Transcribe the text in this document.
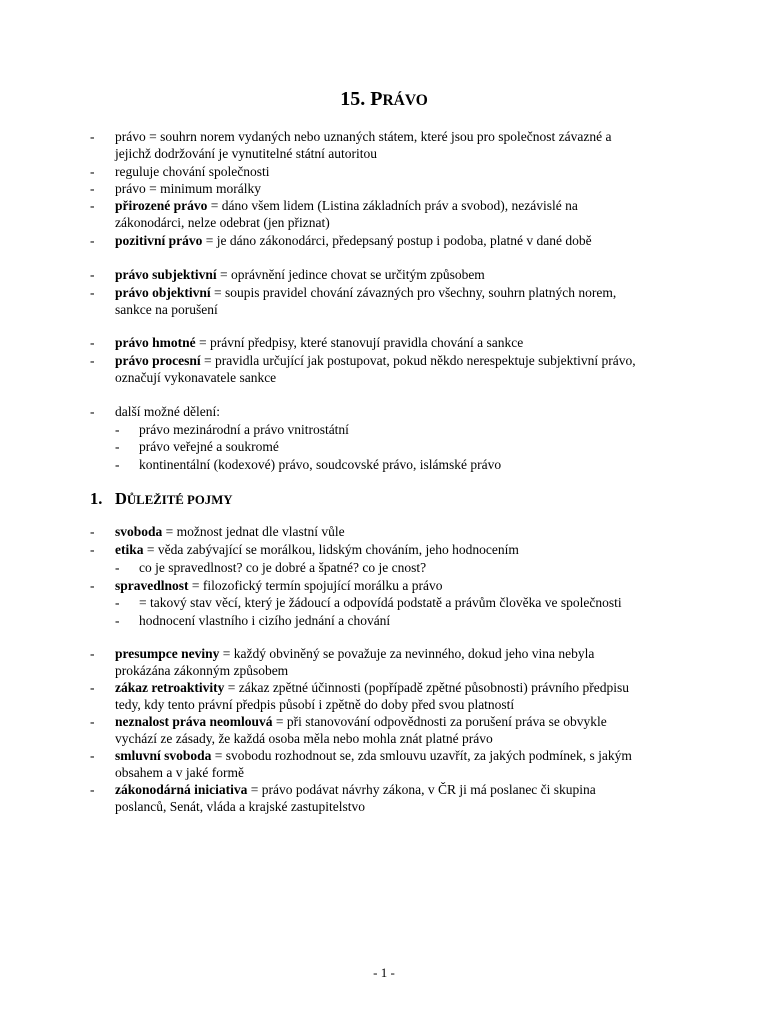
15. PRÁVO
- právo = souhrn norem vydaných nebo uznaných státem, které jsou pro společnost závazné a
jejichž dodržování je vynutitelné státní autoritou
- reguluje chování společnosti
- právo = minimum morálky
- přirozené právo = dáno všem lidem (Listina základních práv a svobod), nezávislé na
zákonodárci, nelze odebrat (jen přiznat)
- pozitivní právo = je dáno zákonodárci, předepsaný postup i podoba, platné v dané době
- právo subjektivní = oprávnění jedince chovat se určitým způsobem
- právo objektivní = soupis pravidel chování závazných pro všechny, souhrn platných norem,
sankce na porušení
- právo hmotné = právní předpisy, které stanovují pravidla chování a sankce
- právo procesní = pravidla určující jak postupovat, pokud někdo nerespektuje subjektivní právo,
označují vykonavatele sankce
- další možné dělení:
- právo mezinárodní a právo vnitrostátní
- právo veřejné a soukromé
- kontinentální (kodexové) právo, soudcovské právo, islámské právo
1. DŮLEŽITÉ POJMY
- svoboda = možnost jednat dle vlastní vůle
- etika = věda zabývající se morálkou, lidským chováním, jeho hodnocením
- co je spravedlnost? co je dobré a špatné? co je cnost?
- spravedlnost = filozofický termín spojující morálku a právo
- = takový stav věcí, který je žádoucí a odpovídá podstatě a právům člověka ve společnosti
- hodnocení vlastního i cizího jednání a chování
- presumpce neviny = každý obviněný se považuje za nevinného, dokud jeho vina nebyla
prokázána zákonným způsobem
- zákaz retroaktivity = zákaz zpětné účinnosti (popřípadě zpětné působnosti) právního předpisu
tedy, kdy tento právní předpis působí i zpětně do doby před svou platností
- neznalost práva neomlouvá = při stanovování odpovědnosti za porušení práva se obvykle
vychází ze zásady, že každá osoba měla nebo mohla znát platné právo
- smluvní svoboda = svobodu rozhodnout se, zda smlouvu uzavřít, za jakých podmínek, s jakým
obsahem a v jaké formě
- zákonodárná iniciativa = právo podávat návrhy zákona, v ČR ji má poslanec či skupina
poslanců, Senát, vláda a krajské zastupitelstvo
- 1 -
